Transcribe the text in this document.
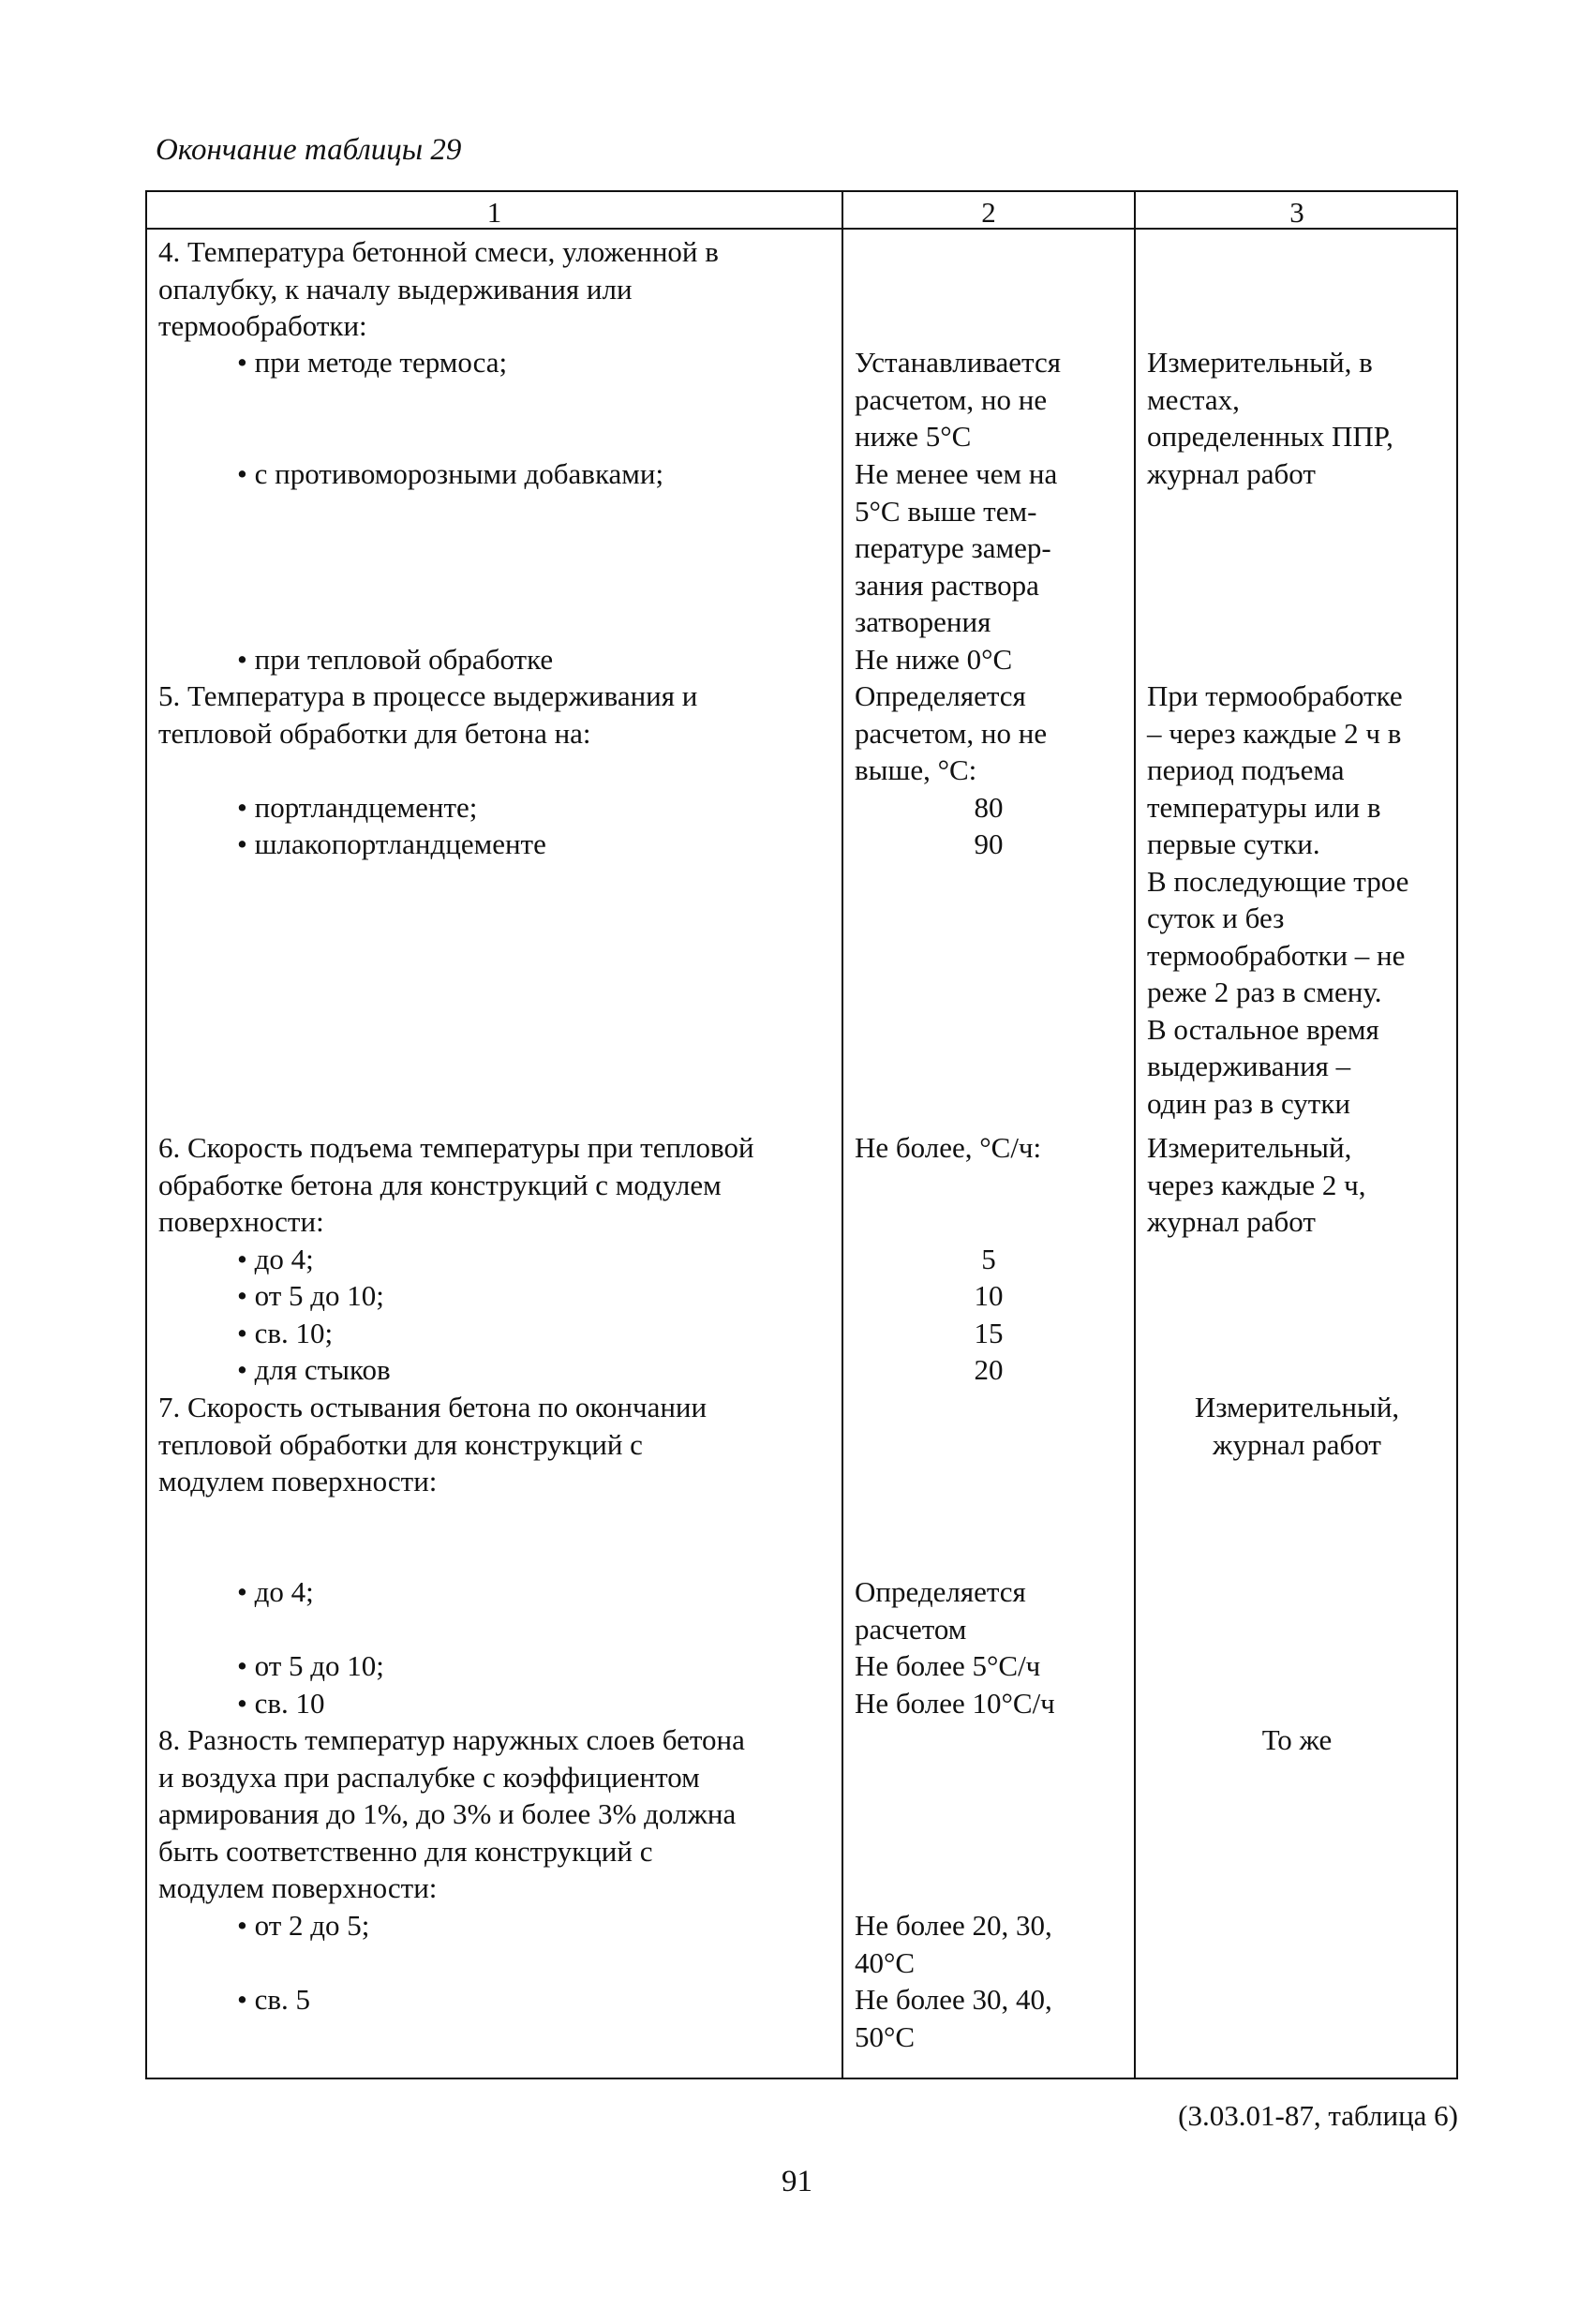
Окончание таблицы 29
1	2	3
4. Температура бетонной смеси, уложенной в
опалубку, к началу выдерживания или
термообработки:
• при методе термоса;
• с противоморозными добавками;
• при тепловой обработке
5. Температура в процессе выдерживания и
тепловой обработки для бетона на:
• портландцементе;
• шлакопортландцементе
6. Скорость подъема температуры при тепловой
обработке бетона для конструкций с модулем
поверхности:
• до 4;
• от 5 до 10;
• св. 10;
• для стыков
7. Скорость остывания бетона по окончании
тепловой обработки для конструкций с
модулем поверхности:
• до 4;
• от 5 до 10;
• св. 10
8. Разность температур наружных слоев бетона
и воздуха при распалубке с коэффициентом
армирования до 1%, до 3% и более 3% должна
быть соответственно для конструкций с
модулем поверхности:
• от 2 до 5;
• св. 5
Устанавливается
расчетом, но не
ниже 5°С
Не менее чем на
5°С выше тем-
пературе замер-
зания раствора
затворения
Не ниже 0°С
Определяется
расчетом, но не
выше, °С:
80
90
Не более, °С/ч:
5
10
15
20
Определяется
расчетом
Не более 5°С/ч
Не более 10°С/ч
Не более 20, 30,
40°С
Не более 30, 40,
50°С
Измерительный, в
местах,
определенных ППР,
журнал работ
При термообработке
– через каждые 2 ч в
период подъема
температуры или в
первые сутки.
В последующие трое
суток и без
термообработки – не
реже 2 раз в смену.
В остальное время
выдерживания –
один раз в сутки
Измерительный,
через каждые 2 ч,
журнал работ
Измерительный,
журнал работ
То же
(3.03.01-87, таблица 6)
91
